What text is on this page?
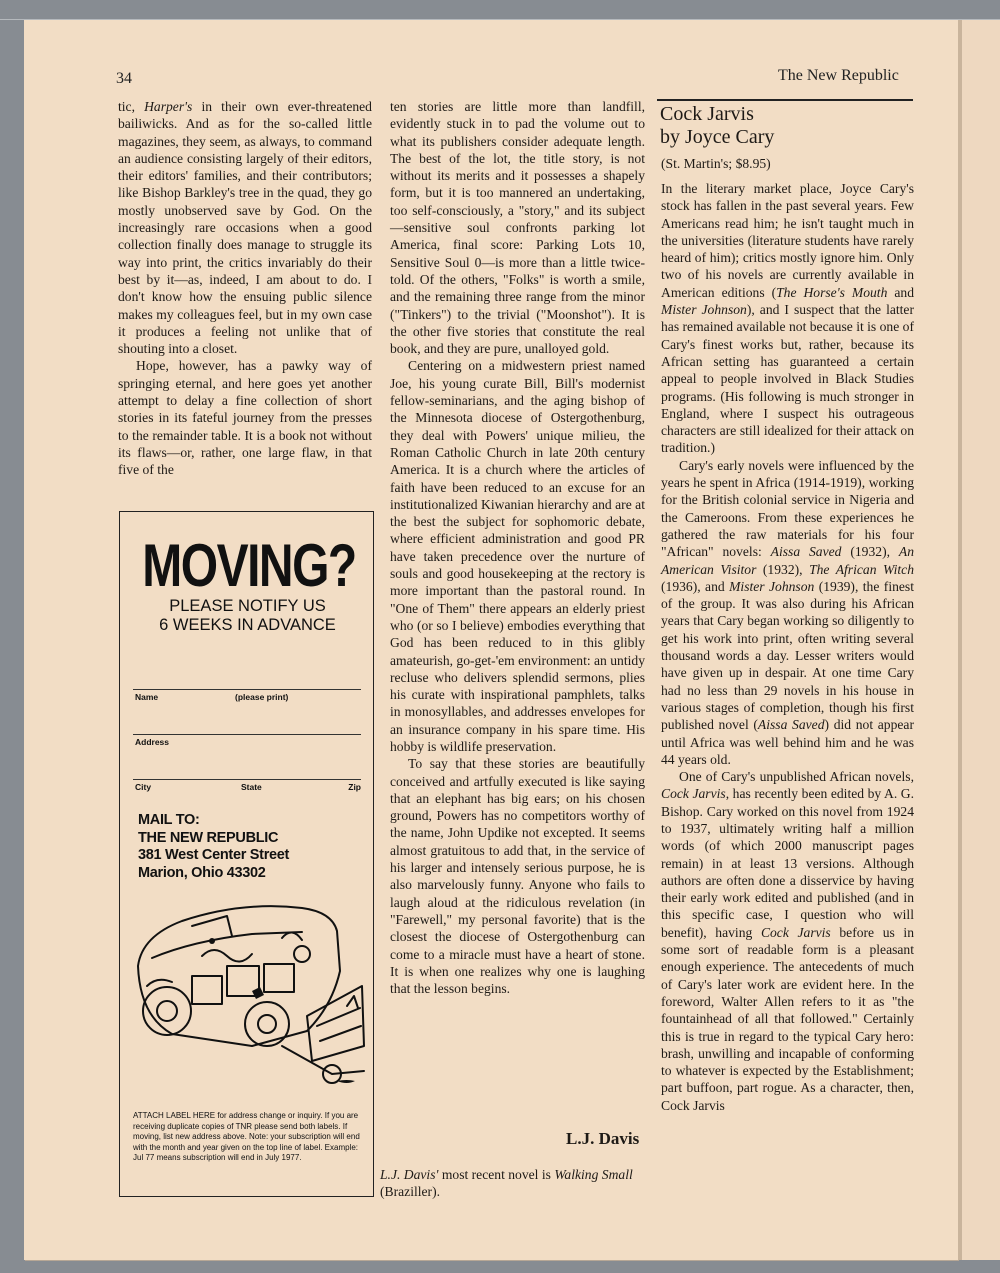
34	The New Republic

tic, Harper's in their own ever-threatened bailiwicks. And as for the so-called little magazines, they seem, as always, to command an audience consisting largely of their editors, their editors' families, and their contributors; like Bishop Barkley's tree in the quad, they go mostly unobserved save by God. On the increasingly rare occasions when a good collection finally does manage to struggle its way into print, the critics invariably do their best by it—as, indeed, I am about to do. I don't know how the ensuing public silence makes my colleagues feel, but in my own case it produces a feeling not unlike that of shouting into a closet.

Hope, however, has a pawky way of springing eternal, and here goes yet another attempt to delay a fine collection of short stories in its fateful journey from the presses to the remainder table. It is a book not without its flaws—or, rather, one large flaw, in that five of the

MOVING?
PLEASE NOTIFY US
6 WEEKS IN ADVANCE
Name	(please print)
Address
City	State	Zip
MAIL TO:
THE NEW REPUBLIC
381 West Center Street
Marion, Ohio 43302
ATTACH LABEL HERE for address change or inquiry. If you are receiving duplicate copies of TNR please send both labels. If moving, list new address above. Note: your subscription will end with the month and year given on the top line of label. Example: Jul 77 means subscription will end in July 1977.

ten stories are little more than landfill, evidently stuck in to pad the volume out to what its publishers consider adequate length. The best of the lot, the title story, is not without its merits and it possesses a shapely form, but it is too mannered an undertaking, too self-consciously, a "story," and its subject—sensitive soul confronts parking lot America, final score: Parking Lots 10, Sensitive Soul 0—is more than a little twice-told. Of the others, "Folks" is worth a smile, and the remaining three range from the minor ("Tinkers") to the trivial ("Moonshot"). It is the other five stories that constitute the real book, and they are pure, unalloyed gold.

Centering on a midwestern priest named Joe, his young curate Bill, Bill's modernist fellow-seminarians, and the aging bishop of the Minnesota diocese of Ostergothenburg, they deal with Powers' unique milieu, the Roman Catholic Church in late 20th century America. It is a church where the articles of faith have been reduced to an excuse for an institutionalized Kiwanian hierarchy and are at the best the subject for sophomoric debate, where efficient administration and good PR have taken precedence over the nurture of souls and good housekeeping at the rectory is more important than the pastoral round. In "One of Them" there appears an elderly priest who (or so I believe) embodies everything that God has been reduced to in this glibly amateurish, go-get-'em environment: an untidy recluse who delivers splendid sermons, plies his curate with inspirational pamphlets, talks in monosyllables, and addresses envelopes for an insurance company in his spare time. His hobby is wildlife preservation.

To say that these stories are beautifully conceived and artfully executed is like saying that an elephant has big ears; on his chosen ground, Powers has no competitors worthy of the name, John Updike not excepted. It seems almost gratuitous to add that, in the service of his larger and intensely serious purpose, he is also marvelously funny. Anyone who fails to laugh aloud at the ridiculous revelation (in "Farewell," my personal favorite) that is the closest the diocese of Ostergothenburg can come to a miracle must have a heart of stone. It is when one realizes why one is laughing that the lesson begins.

L.J. Davis
L.J. Davis' most recent novel is Walking Small (Braziller).
Cock Jarvis
by Joyce Cary
(St. Martin's; $8.95)

In the literary market place, Joyce Cary's stock has fallen in the past several years. Few Americans read him; he isn't taught much in the universities (literature students have rarely heard of him); critics mostly ignore him. Only two of his novels are currently available in American editions (The Horse's Mouth and Mister Johnson), and I suspect that the latter has remained available not because it is one of Cary's finest works but, rather, because its African setting has guaranteed a certain appeal to people involved in Black Studies programs. (His following is much stronger in England, where I suspect his outrageous characters are still idealized for their attack on tradition.)

Cary's early novels were influenced by the years he spent in Africa (1914-1919), working for the British colonial service in Nigeria and the Cameroons. From these experiences he gathered the raw materials for his four "African" novels: Aissa Saved (1932), An American Visitor (1932), The African Witch (1936), and Mister Johnson (1939), the finest of the group. It was also during his African years that Cary began working so diligently to get his work into print, often writing several thousand words a day. Lesser writers would have given up in despair. At one time Cary had no less than 29 novels in his house in various stages of completion, though his first published novel (Aissa Saved) did not appear until Africa was well behind him and he was 44 years old.

One of Cary's unpublished African novels, Cock Jarvis, has recently been edited by A. G. Bishop. Cary worked on this novel from 1924 to 1937, ultimately writing half a million words (of which 2000 manuscript pages remain) in at least 13 versions. Although authors are often done a disservice by having their early work edited and published (and in this specific case, I question who will benefit), having Cock Jarvis before us in some sort of readable form is a pleasant enough experience. The antecedents of much of Cary's later work are evident here. In the foreword, Walter Allen refers to it as "the fountainhead of all that followed." Certainly this is true in regard to the typical Cary hero: brash, unwilling and incapable of conforming to whatever is expected by the Establishment; part buffoon, part rogue. As a character, then, Cock Jarvis
